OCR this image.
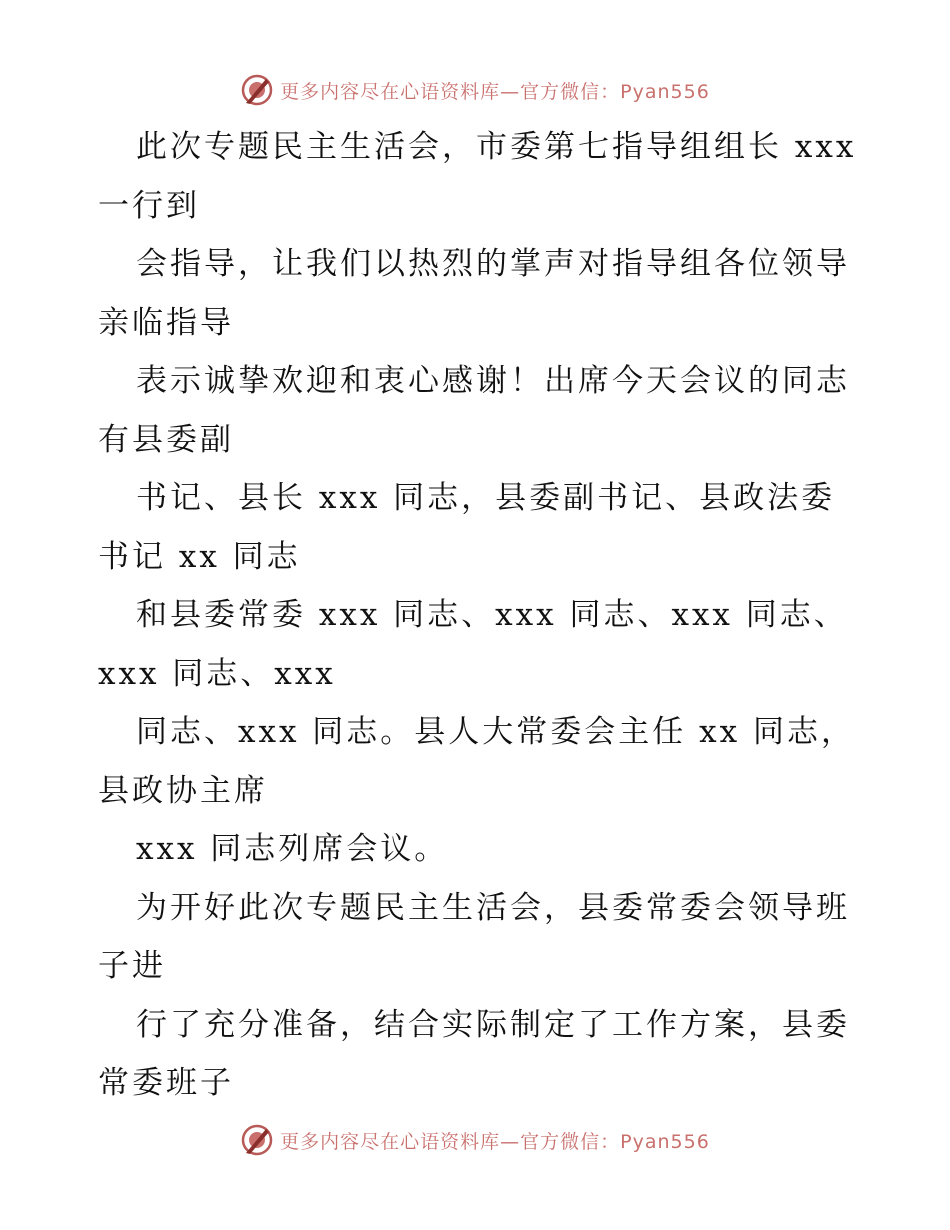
更多内容尽在心语资料库—官方微信：Pyan556
此次专题民主生活会，市委第七指导组组长 xxx
一行到
会指导，让我们以热烈的掌声对指导组各位领导
亲临指导
表示诚挚欢迎和衷心感谢！出席今天会议的同志
有县委副
书记、县长 xxx 同志，县委副书记、县政法委
书记 xx 同志
和县委常委 xxx 同志、xxx 同志、xxx 同志、
xxx 同志、xxx
同志、xxx 同志。县人大常委会主任 xx 同志，
县政协主席
xxx 同志列席会议。
为开好此次专题民主生活会，县委常委会领导班
子进
行了充分准备，结合实际制定了工作方案，县委
常委班子
更多内容尽在心语资料库—官方微信：Pyan556
